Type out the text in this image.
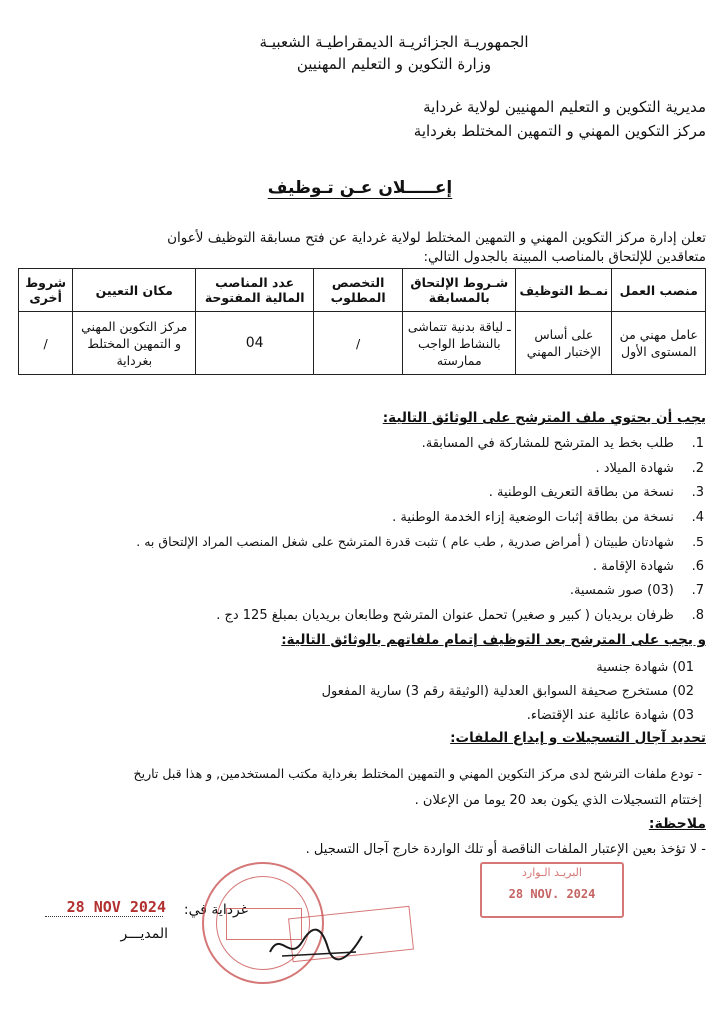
الجمهوريـة الجزائريـة الديمقراطيـة الشعبيـة
وزارة التكوين و التعليم المهنيين
مديرية التكوين و التعليم المهنيين لولاية غرداية
مركز التكوين المهني و التمهين المختلط بغرداية
إعـــــلان عـن تـوظيف
تعلن إدارة مركز التكوين المهني و التمهين المختلط لولاية غرداية عن فتح مسابقة التوظيف لأعوان
متعاقدين للإلتحاق بالمناصب المبينة بالجدول التالي:
منصب العمل	نمـط التوظيف	شـروط الإلتحاق بالمسابقة	التخصص المطلوب	عدد المناصب المالية المفتوحة	مكان التعيين	شروط أخرى
عامل مهني من المستوى الأول	على أساس الإختبار المهني	ـ لياقة بدنية تتماشى بالنشاط الواجب ممارسته	/	04	مركز التكوين المهني و التمهين المختلط بغرداية	/
يجب أن يحتوي ملف المترشح على الوثائق التالية:
1. طلب بخط يد المترشح للمشاركة في المسابقة.
2. شهادة الميلاد .
3. نسخة من بطاقة التعريف الوطنية .
4. نسخة من بطاقة إثبات الوضعية إزاء الخدمة الوطنية .
5. شهادتان طبيتان ( أمراض صدرية , طب عام ) تثبت قدرة المترشح على شغل المنصب المراد الإلتحاق به .
6. شهادة الإقامة .
7. (03) صور شمسية.
8. ظرفان بريديان ( كبير و صغير) تحمل عنوان المترشح وطابعان بريديان بمبلغ 125 دج .
و يجب على المترشح بعد التوظيف إتمام ملفاتهم بالوثائق التالية:
01) شهادة جنسية
02) مستخرج صحيفة السوابق العدلية (الوثيقة رقم 3) سارية المفعول
03) شهادة عائلية عند الإقتضاء.
تحديد آجال التسجيلات و إيداع الملفات:
- تودع ملفات الترشح لدى مركز التكوين المهني و التمهين المختلط بغرداية مكتب المستخدمين, و هذا قبل تاريخ
إختتام التسجيلات الذي يكون بعد 20 يوما من الإعلان .
ملاحظة:
- لا تؤخذ بعين الإعتبار الملفات الناقصة أو تلك الواردة خارج آجال التسجيل .
البريـد الـوارد
28 NOV. 2024
غرداية في:
28 NOV 2024
المديـــر
